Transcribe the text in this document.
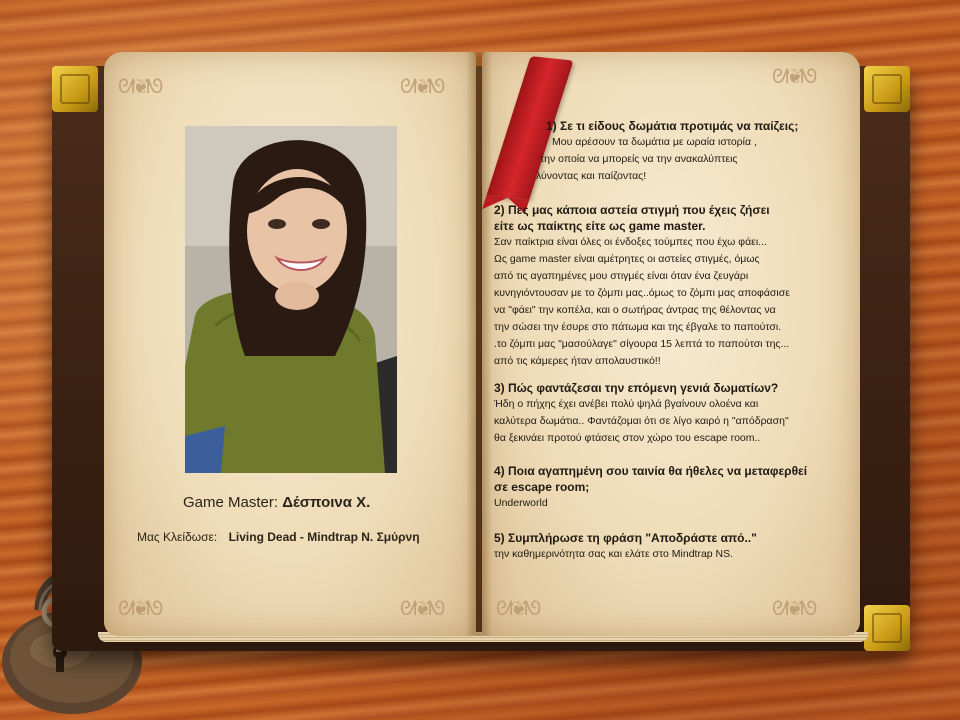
ᘛ❦ᘚ	ᘛ❦ᘚ	ᘛ❦ᘚ
ᘛ❦ᘚ	ᘛ❦ᘚ	ᘛ❦ᘚ	ᘛ❦ᘚ
Game Master: Δέσποινα Χ.
Μας Κλείδωσε: Living Dead - Mindtrap Ν. Σμύρνη
1) Σε τι είδους δωμάτια προτιμάς να παίζεις;
Μου αρέσουν τα δωμάτια με ωραία ιστορία ,
την οποία να μπορείς να την ανακαλύπτεις
λύνοντας και παίζοντας!
2) Πες μας κάποια αστεία στιγμή που έχεις ζήσει
είτε ως παίκτης είτε ως game master.
Σαν παίκτρια είναι όλες οι ένδοξες τούμπες που έχω φάει...
Ως game master είναι αμέτρητες οι αστείες στιγμές, όμως
από τις αγαπημένες μου στιγμές είναι όταν ένα ζευγάρι
κυνηγιόντουσαν με το ζόμπι μας..όμως το ζόμπι μας αποφάσισε
να "φάει" την κοπέλα, και ο σωτήρας άντρας της θέλοντας να
την σώσει την έσυρε στο πάτωμα και της έβγαλε το παπούτσι.
.το ζόμπι μας "μασούλαγε" σίγουρα 15 λεπτά το παπούτσι της...
από τις κάμερες ήταν απολαυστικό!!
3) Πώς φαντάζεσαι την επόμενη γενιά δωματίων?
Ήδη ο πήχης έχει ανέβει πολύ ψηλά βγαίνουν ολοένα και
καλύτερα δωμάτια.. Φαντάζομαι ότι σε λίγο καιρό η "απόδραση"
θα ξεκινάει προτού φτάσεις στον χώρο του escape room..
4) Ποια αγαπημένη σου ταινία θα ήθελες να μεταφερθεί
σε escape room;
Underworld
5) Συμπλήρωσε τη φράση "Αποδράστε από.."
την καθημερινότητα σας και ελάτε στο Mindtrap NS.
